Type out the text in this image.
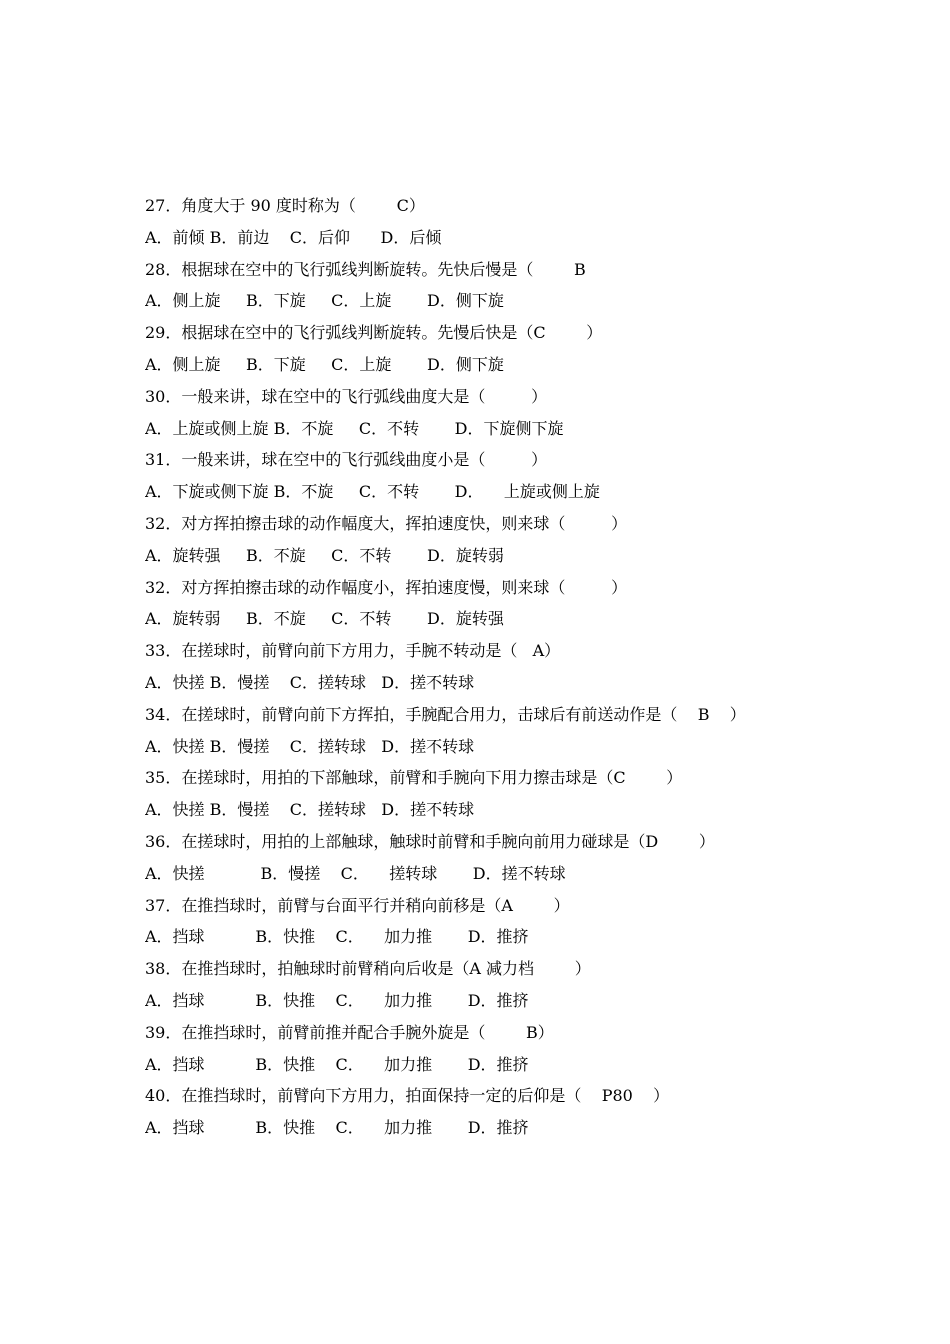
27．角度大于 90 度时称为（        C）
A．前倾 B．前边    C．后仰      D．后倾
28．根据球在空中的飞行弧线判断旋转。先快后慢是（        B
A．侧上旋     B．下旋     C．上旋       D．侧下旋
29．根据球在空中的飞行弧线判断旋转。先慢后快是（C        ）
A．侧上旋     B．下旋     C．上旋       D．侧下旋
30．一般来讲，球在空中的飞行弧线曲度大是（         ）
A．上旋或侧上旋 B．不旋     C．不转       D．下旋侧下旋
31．一般来讲，球在空中的飞行弧线曲度小是（         ）
A．下旋或侧下旋 B．不旋     C．不转       D．    上旋或侧上旋
32．对方挥拍擦击球的动作幅度大，挥拍速度快，则来球（         ）
A．旋转强     B．不旋     C．不转       D．旋转弱
32．对方挥拍擦击球的动作幅度小，挥拍速度慢，则来球（         ）
A．旋转弱     B．不旋     C．不转       D．旋转强
33．在搓球时，前臂向前下方用力，手腕不转动是（   A）
A．快搓 B．慢搓    C．搓转球   D．搓不转球
34．在搓球时，前臂向前下方挥拍，手腕配合用力，击球后有前送动作是（    B    ）
A．快搓 B．慢搓    C．搓转球   D．搓不转球
35．在搓球时，用拍的下部触球，前臂和手腕向下用力擦击球是（C        ）
A．快搓 B．慢搓    C．搓转球   D．搓不转球
36．在搓球时，用拍的上部触球，触球时前臂和手腕向前用力碰球是（D        ）
A．快搓           B．慢搓    C．    搓转球       D．搓不转球
37．在推挡球时，前臂与台面平行并稍向前移是（A        ）
A．挡球          B．快推    C．    加力推       D．推挤
38．在推挡球时，拍触球时前臂稍向后收是（A 减力档        ）
A．挡球          B．快推    C．    加力推       D．推挤
39．在推挡球时，前臂前推并配合手腕外旋是（        B）
A．挡球          B．快推    C．    加力推       D．推挤
40．在推挡球时，前臂向下方用力，拍面保持一定的后仰是（    P80    ）
A．挡球          B．快推    C．    加力推       D．推挤
